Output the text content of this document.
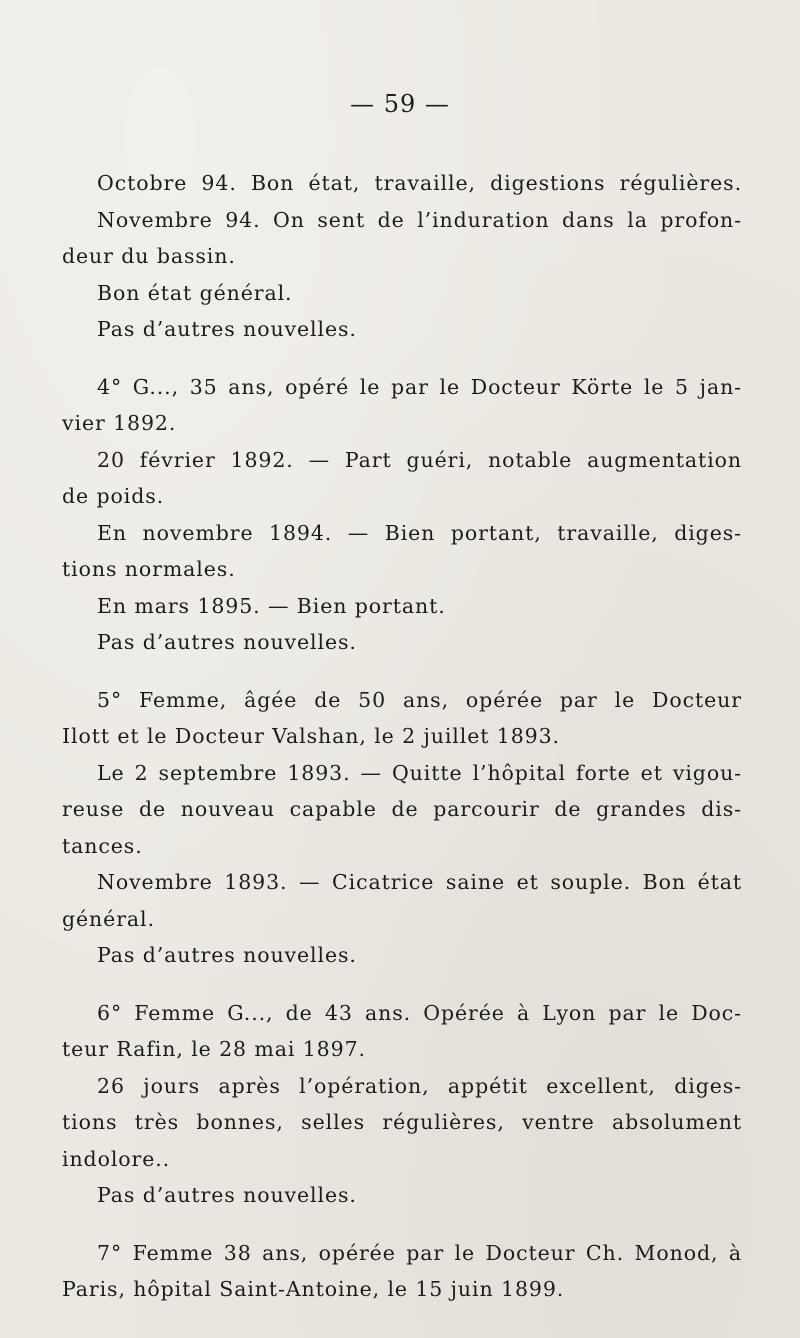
— 59 —
Octobre 94. Bon état, travaille, digestions régulières.
Novembre 94. On sent de l’induration dans la profon-
deur du bassin.
Bon état général.
Pas d’autres nouvelles.
4° G..., 35 ans, opéré le par le Docteur Körte le 5 jan-
vier 1892.
20 février 1892. — Part guéri, notable augmentation
de poids.
En novembre 1894. — Bien portant, travaille, diges-
tions normales.
En mars 1895. — Bien portant.
Pas d’autres nouvelles.
5° Femme, âgée de 50 ans, opérée par le Docteur
Ilott et le Docteur Valshan, le 2 juillet 1893.
Le 2 septembre 1893. — Quitte l’hôpital forte et vigou-
reuse de nouveau capable de parcourir de grandes dis-
tances.
Novembre 1893. — Cicatrice saine et souple. Bon état
général.
Pas d’autres nouvelles.
6° Femme G..., de 43 ans. Opérée à Lyon par le Doc-
teur Rafin, le 28 mai 1897.
26 jours après l’opération, appétit excellent, diges-
tions très bonnes, selles régulières, ventre absolument
indolore..
Pas d’autres nouvelles.
7° Femme 38 ans, opérée par le Docteur Ch. Monod, à
Paris, hôpital Saint-Antoine, le 15 juin 1899.
